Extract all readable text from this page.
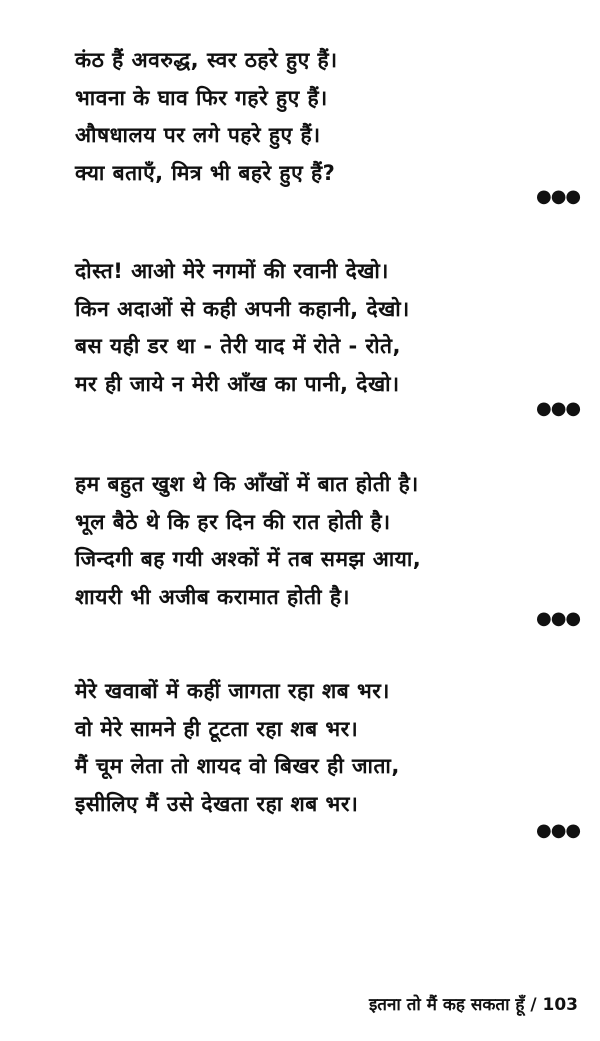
कंठ हैं अवरुद्ध, स्वर ठहरे हुए हैं।
भावना के घाव फिर गहरे हुए हैं।
औषधालय पर लगे पहरे हुए हैं।
क्या बताएँ, मित्र भी बहरे हुए हैं?
●●●
दोस्त! आओ मेरे नगमों की रवानी देखो।
किन अदाओं से कही अपनी कहानी, देखो।
बस यही डर था - तेरी याद में रोते - रोते,
मर ही जाये न मेरी आँख का पानी, देखो।
●●●
हम बहुत खुश थे कि आँखों में बात होती है।
भूल बैठे थे कि हर दिन की रात होती है।
जिन्दगी बह गयी अश्कों में तब समझ आया,
शायरी भी अजीब करामात होती है।
●●●
मेरे खवाबों में कहीं जागता रहा शब भर।
वो मेरे सामने ही टूटता रहा शब भर।
मैं चूम लेता तो शायद वो बिखर ही जाता,
इसीलिए मैं उसे देखता रहा शब भर।
●●●
इतना तो मैं कह सकता हूँ / 103
